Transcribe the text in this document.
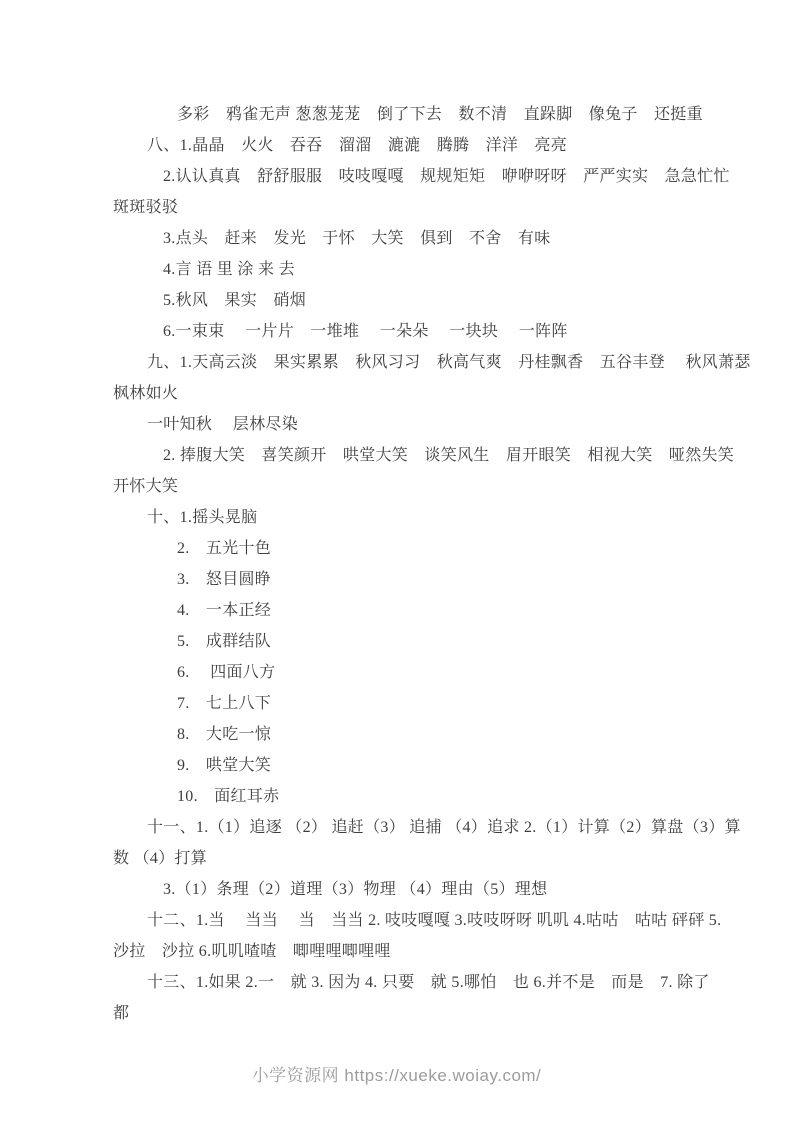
多彩　鸦雀无声 葱葱茏茏　倒了下去　数不清　直跺脚　像兔子　还挺重
八、1.晶晶　火火　吞吞　溜溜　漉漉　腾腾　洋洋　亮亮
2.认认真真　舒舒服服　吱吱嘎嘎　规规矩矩　咿咿呀呀　严严实实　急急忙忙
斑斑驳驳
3.点头　赶来　发光　于怀　大笑　俱到　不舍　有味
4.言 语 里 涂 来 去
5.秋风　果实　硝烟
6.一束束　 一片片　一堆堆　 一朵朵　 一块块　 一阵阵
九、1.天高云淡　果实累累　秋风习习　秋高气爽　丹桂飘香　五谷丰登　 秋风萧瑟
枫林如火
一叶知秋　 层林尽染
2. 捧腹大笑　喜笑颜开　哄堂大笑　谈笑风生　眉开眼笑　相视大笑　哑然失笑
开怀大笑
十、1.摇头晃脑
2.　五光十色
3.　怒目圆睁
4.　一本正经
5.　成群结队
6.　 四面八方
7.　七上八下
8.　大吃一惊
9.　哄堂大笑
10.　面红耳赤
十一、1.（1）追逐 （2） 追赶（3） 追捕 （4）追求 2.（1）计算（2）算盘（3）算
数 （4）打算
3.（1）条理（2）道理（3）物理 （4）理由（5）理想
十二、1.当　 当当　 当　当当 2. 吱吱嘎嘎 3.吱吱呀呀 叽叽 4.咕咕　咕咕 砰砰 5.
沙拉　沙拉 6.叽叽喳喳　唧哩哩唧哩哩
十三、1.如果 2.一　就 3. 因为 4. 只要　就 5.哪怕　也 6.并不是　而是　7. 除了
都
小学资源网 https://xueke.woiay.com/
